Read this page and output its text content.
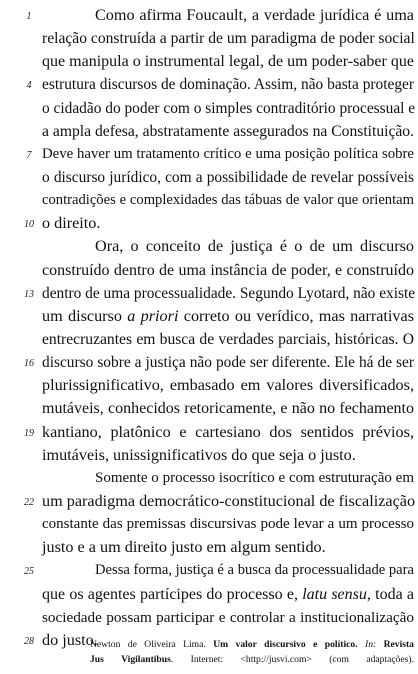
1	Como afirma Foucault, a verdade jurídica é uma
relação construída a partir de um paradigma de poder social
que manipula o instrumental legal, de um poder-saber que
4 estrutura discursos de dominação. Assim, não basta proteger
o cidadão do poder com o simples contraditório processual e
a ampla defesa, abstratamente assegurados na Constituição.
7 Deve haver um tratamento crítico e uma posição política sobre
o discurso jurídico, com a possibilidade de revelar possíveis
contradições e complexidades das tábuas de valor que orientam
10 o direito.
Ora, o conceito de justiça é o de um discurso
construído dentro de uma instância de poder, e construído
13 dentro de uma processualidade. Segundo Lyotard, não existe
um discurso a priori correto ou verídico, mas narrativas
entrecruzantes em busca de verdades parciais, históricas. O
16 discurso sobre a justiça não pode ser diferente. Ele há de ser
plurissignificativo, embasado em valores diversificados,
mutáveis, conhecidos retoricamente, e não no fechamento
19 kantiano, platônico e cartesiano dos sentidos prévios,
imutáveis, unissignificativos do que seja o justo.
Somente o processo isocrítico e com estruturação em
22 um paradigma democrático-constitucional de fiscalização
constante das premissas discursivas pode levar a um processo
justo e a um direito justo em algum sentido.
25	Dessa forma, justiça é a busca da processualidade para
que os agentes partícipes do processo e, latu sensu, toda a
sociedade possam participar e controlar a institucionalização
28 do justo.
Newton de Oliveira Lima. Um valor discursivo e político. In: Revista
Jus Vigilantibus. Internet: <http://jusvi.com> (com adaptações).
